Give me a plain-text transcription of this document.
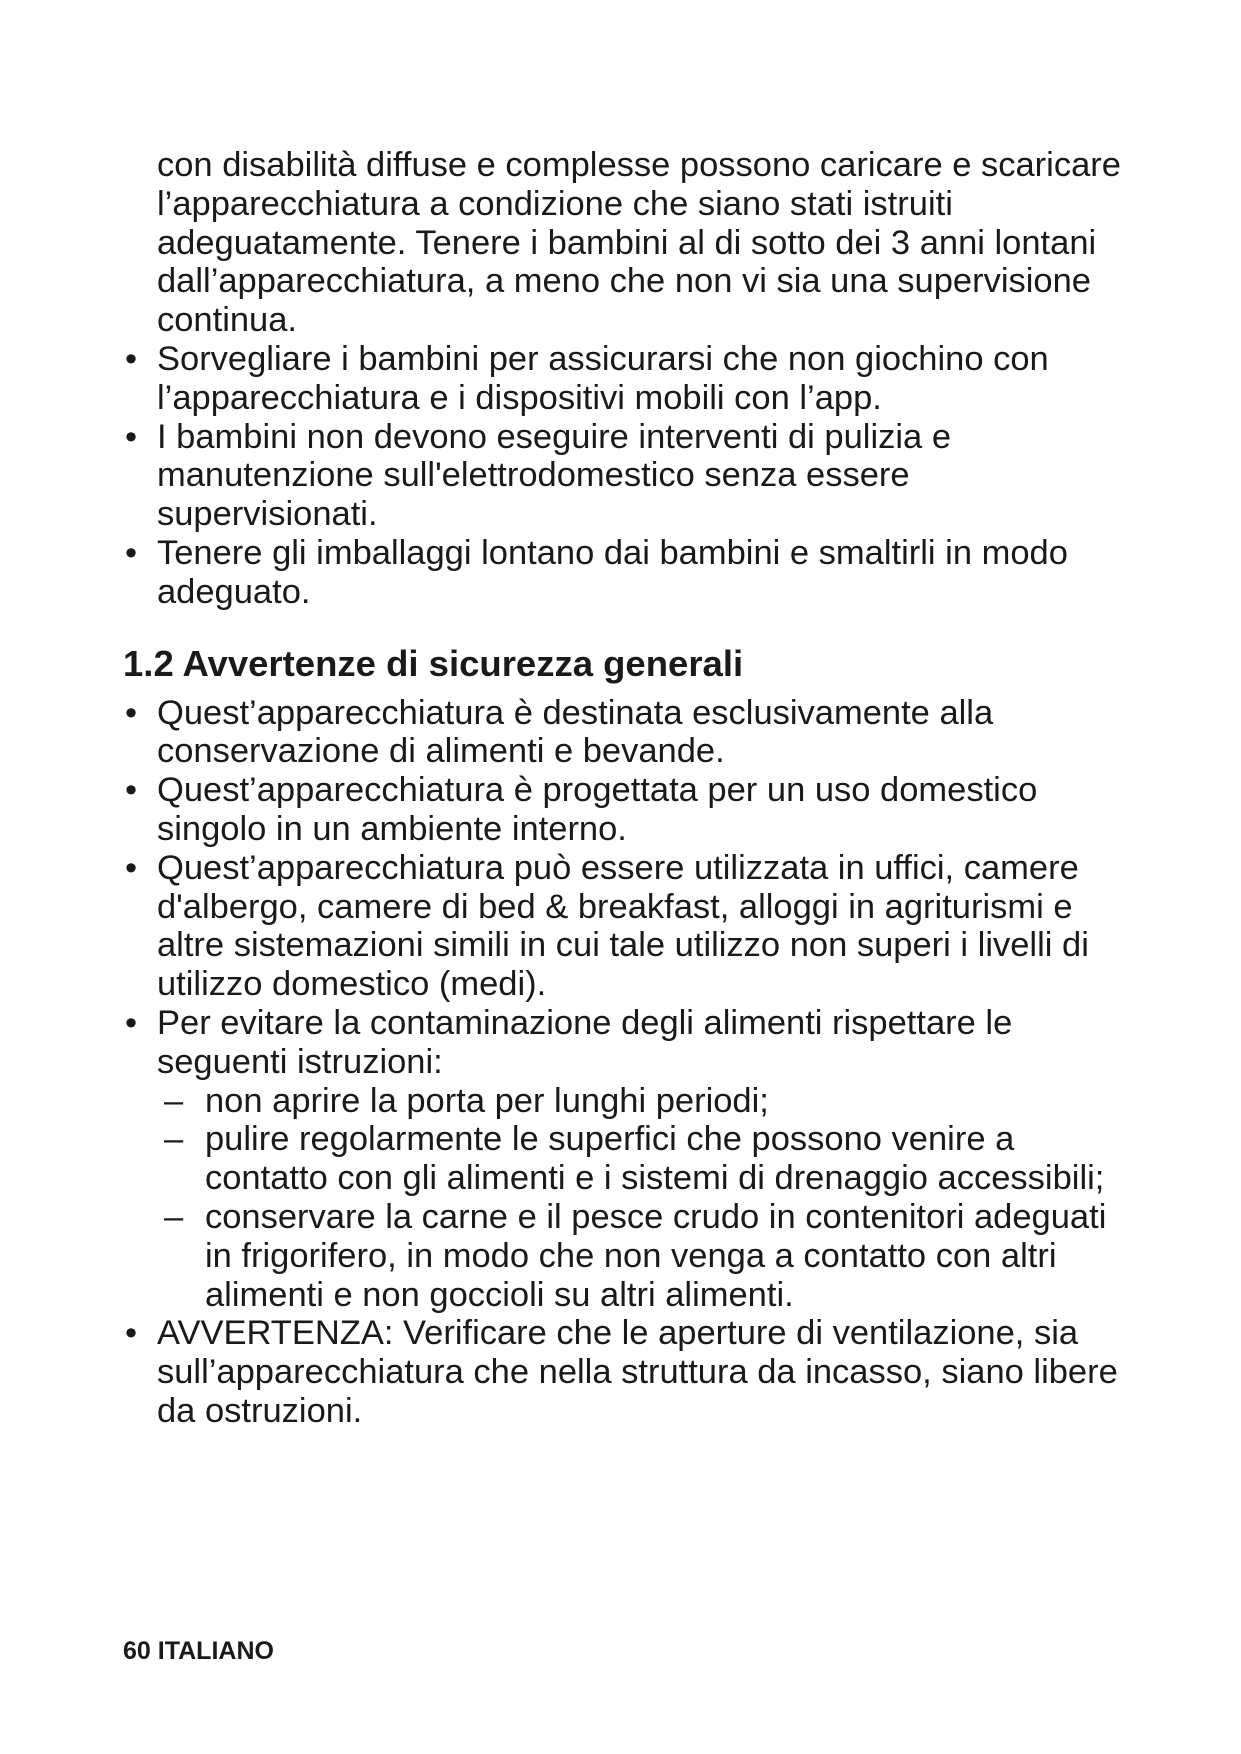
con disabilità diffuse e complesse possono caricare e scaricare l’apparecchiatura a condizione che siano stati istruiti adeguatamente. Tenere i bambini al di sotto dei 3 anni lontani dall’apparecchiatura, a meno che non vi sia una supervisione continua.

• Sorvegliare i bambini per assicurarsi che non giochino con l’apparecchiatura e i dispositivi mobili con l’app.
• I bambini non devono eseguire interventi di pulizia e manutenzione sull'elettrodomestico senza essere supervisionati.
• Tenere gli imballaggi lontano dai bambini e smaltirli in modo adeguato.
1.2 Avvertenze di sicurezza generali
• Quest’apparecchiatura è destinata esclusivamente alla conservazione di alimenti e bevande.
• Quest’apparecchiatura è progettata per un uso domestico singolo in un ambiente interno.
• Quest’apparecchiatura può essere utilizzata in uffici, camere d'albergo, camere di bed & breakfast, alloggi in agriturismi e altre sistemazioni simili in cui tale utilizzo non superi i livelli di utilizzo domestico (medi).
• Per evitare la contaminazione degli alimenti rispettare le seguenti istruzioni:
– non aprire la porta per lunghi periodi;
– pulire regolarmente le superfici che possono venire a contatto con gli alimenti e i sistemi di drenaggio accessibili;
– conservare la carne e il pesce crudo in contenitori adeguati in frigorifero, in modo che non venga a contatto con altri alimenti e non goccioli su altri alimenti.
• AVVERTENZA: Verificare che le aperture di ventilazione, sia sull’apparecchiatura che nella struttura da incasso, siano libere da ostruzioni.
60 ITALIANO
